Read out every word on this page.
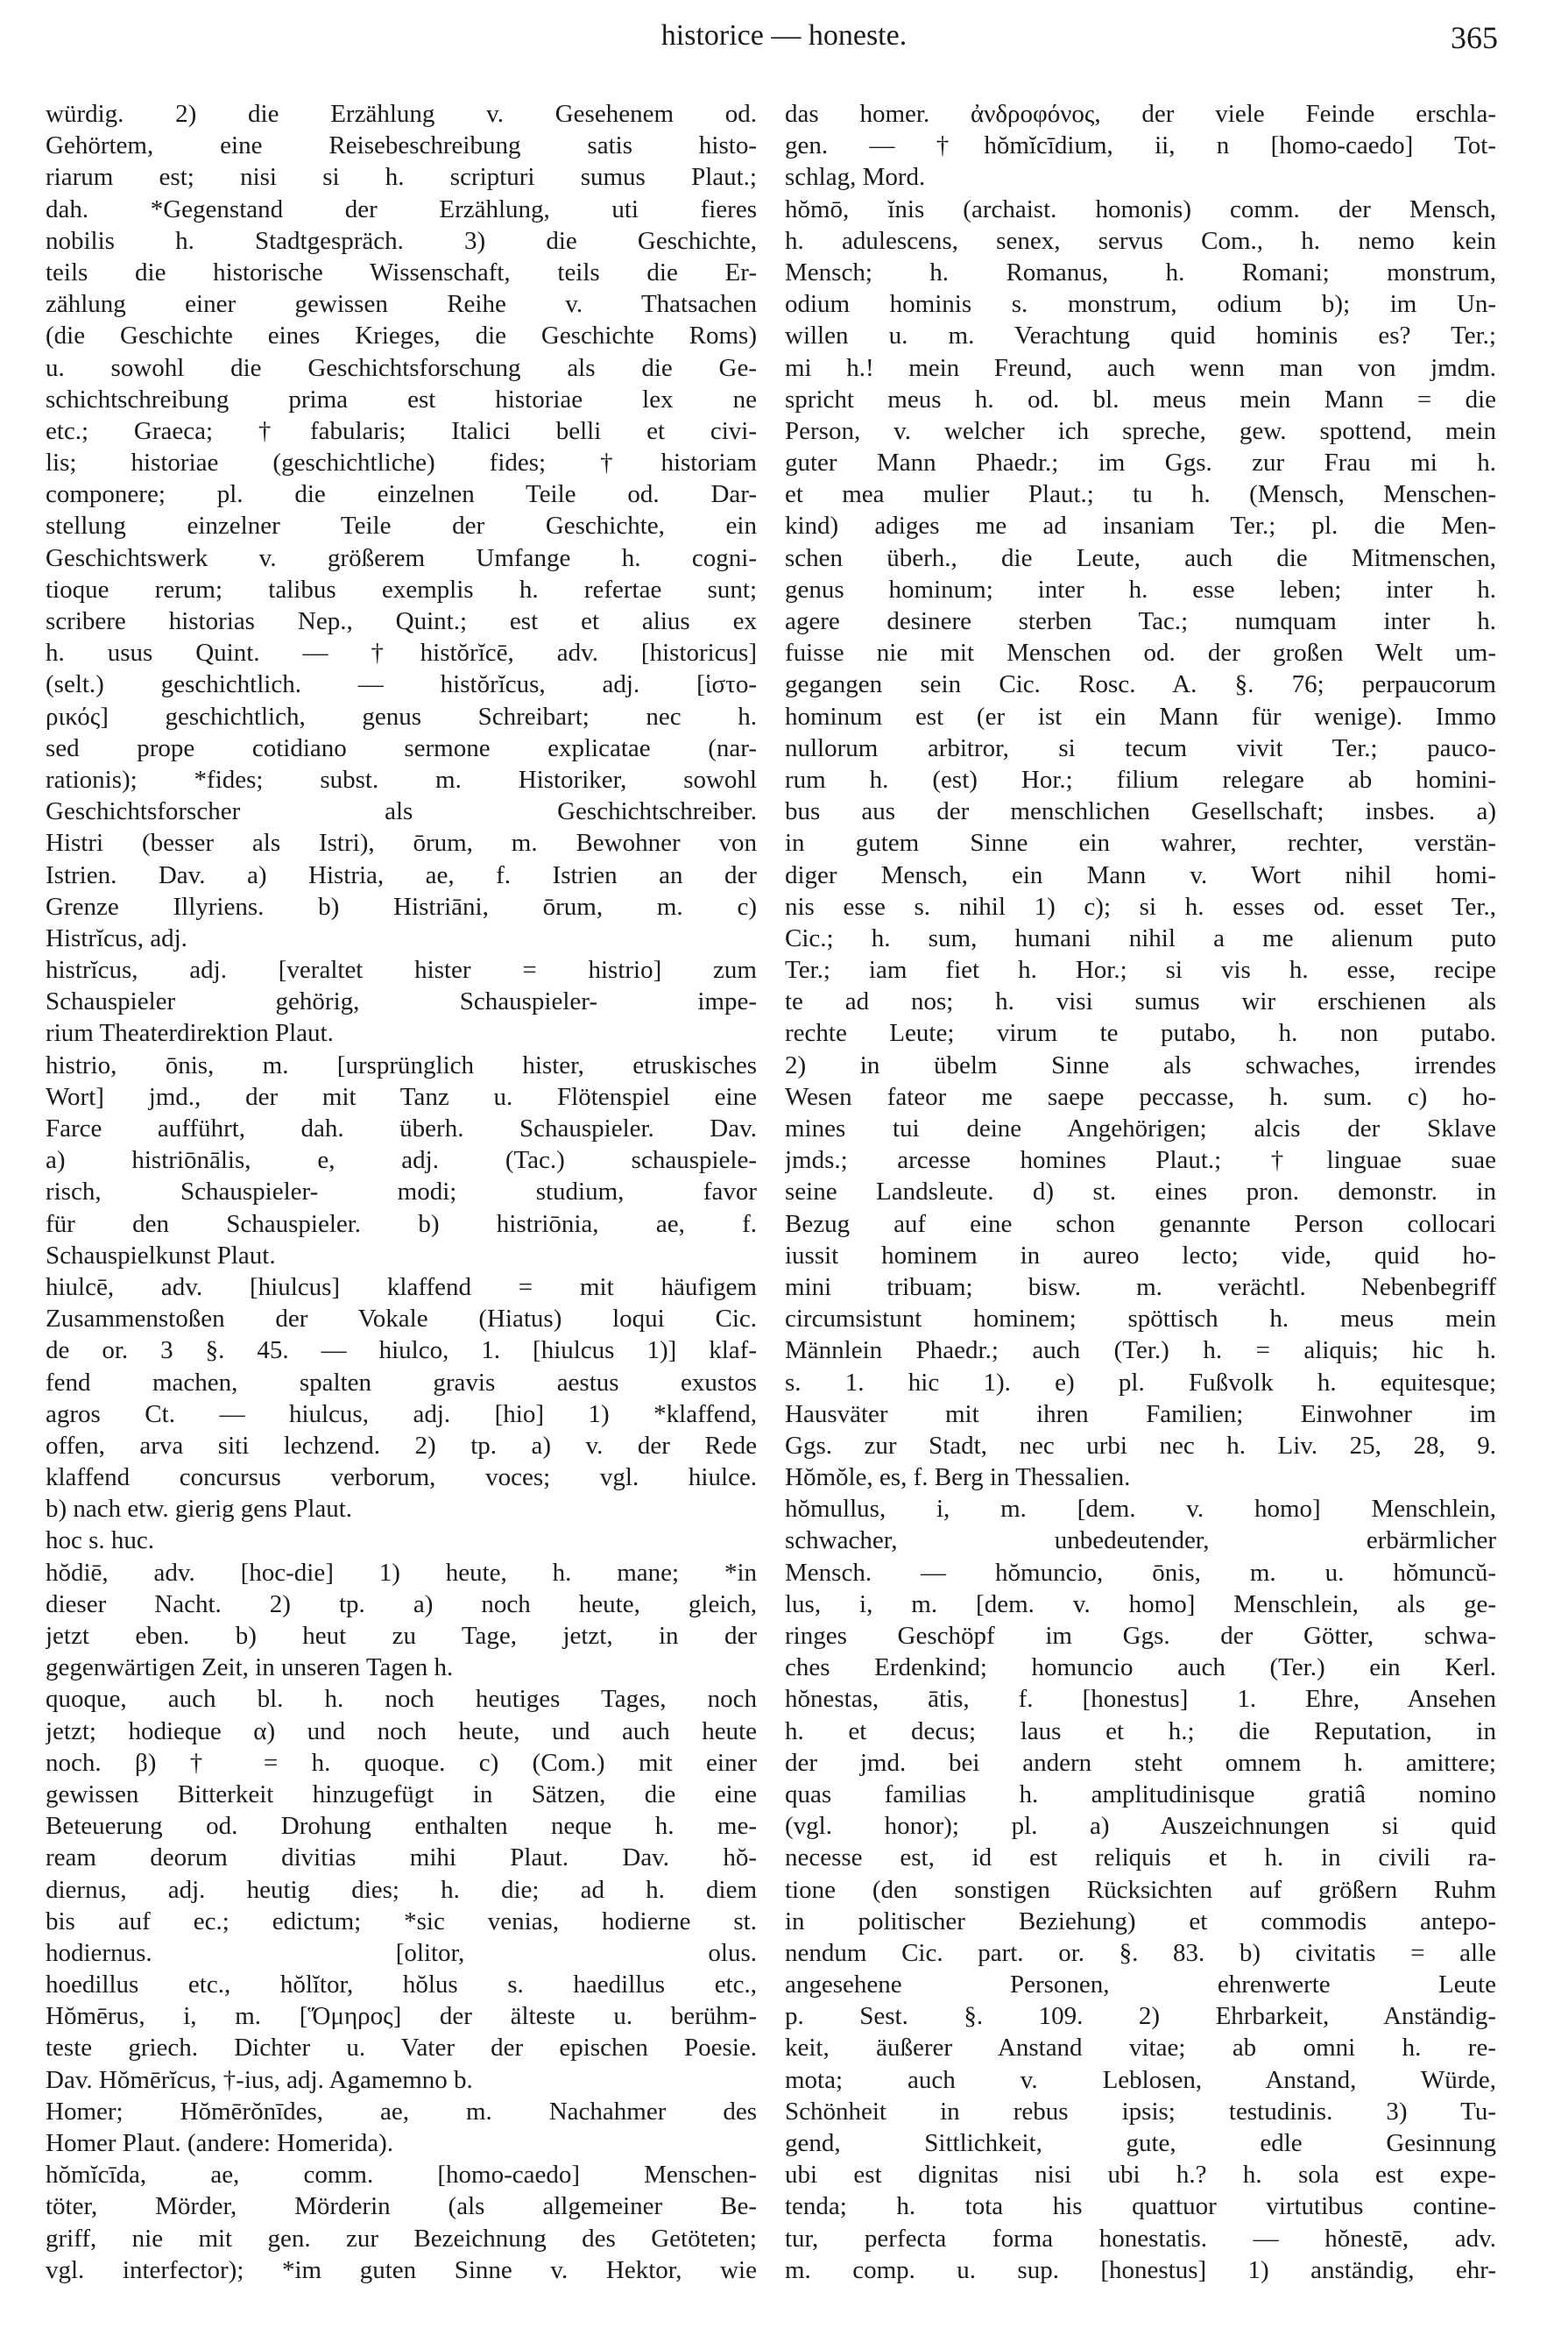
historice — honeste.	365
würdig. 2) die Erzählung v. Gesehenem od.
Gehörtem, eine Reisebeschreibung satis histo-
riarum est; nisi si h. scripturi sumus Plaut.;
dah. *Gegenstand der Erzählung, uti fieres
nobilis h. Stadtgespräch. 3) die Geschichte,
teils die historische Wissenschaft, teils die Er-
zählung einer gewissen Reihe v. Thatsachen
(die Geschichte eines Krieges, die Geschichte Roms)
u. sowohl die Geschichtsforschung als die Ge-
schichtschreibung prima est historiae lex ne
etc.; Graeca; †fabularis; Italici belli et civi-
lis; historiae (geschichtliche) fides; †historiam
componere; pl. die einzelnen Teile od. Dar-
stellung einzelner Teile der Geschichte, ein
Geschichtswerk v. größerem Umfange h. cogni-
tioque rerum; talibus exemplis h. refertae sunt;
scribere historias Nep., Quint.; est et alius ex
h. usus Quint. — †histŏrĭcē, adv. [historicus]
(selt.) geschichtlich. — histŏrĭcus, adj. [ἱστο-
ρικός] geschichtlich, genus Schreibart; nec h.
sed prope cotidiano sermone explicatae (nar-
rationis); *fides; subst. m. Historiker, sowohl
Geschichtsforscher als Geschichtschreiber.
Histri (besser als Istri), ōrum, m. Bewohner von
Istrien. Dav. a) Histria, ae, f. Istrien an der
Grenze Illyriens. b) Histriāni, ōrum, m. c)
Histrĭcus, adj.
histrĭcus, adj. [veraltet hister = histrio] zum
Schauspieler gehörig, Schauspieler- impe-
rium Theaterdirektion Plaut.
histrio, ōnis, m. [ursprünglich hister, etruskisches
Wort] jmd., der mit Tanz u. Flötenspiel eine
Farce aufführt, dah. überh. Schauspieler. Dav.
a) histriōnālis, e, adj. (Tac.) schauspiele-
risch, Schauspieler- modi; studium, favor
für den Schauspieler. b) histriōnia, ae, f.
Schauspielkunst Plaut.
hiulcē, adv. [hiulcus] klaffend = mit häufigem
Zusammenstoßen der Vokale (Hiatus) loqui Cic.
de or. 3 §. 45. — hiulco, 1. [hiulcus 1)] klaf-
fend machen, spalten gravis aestus exustos
agros Ct. — hiulcus, adj. [hio] 1) *klaffend,
offen, arva siti lechzend. 2) tp. a) v. der Rede
klaffend concursus verborum, voces; vgl. hiulce.
b) nach etw. gierig gens Plaut.
hoc s. huc.
hŏdiē, adv. [hoc-die] 1) heute, h. mane; *in
dieser Nacht. 2) tp. a) noch heute, gleich,
jetzt eben. b) heut zu Tage, jetzt, in der
gegenwärtigen Zeit, in unseren Tagen h.
quoque, auch bl. h. noch heutiges Tages, noch
jetzt; hodieque α) und noch heute, und auch heute
noch. β) † = h. quoque. c) (Com.) mit einer
gewissen Bitterkeit hinzugefügt in Sätzen, die eine
Beteuerung od. Drohung enthalten neque h. me-
ream deorum divitias mihi Plaut. Dav. hŏ-
diernus, adj. heutig dies; h. die; ad h. diem
bis auf ec.; edictum; *sic venias, hodierne st.
hodiernus. [olitor, olus.
hoedillus etc., hŏlĭtor, hŏlus s. haedillus etc.,
Hŏmērus, i, m. [Ὅμηρος] der älteste u. berühm-
teste griech. Dichter u. Vater der epischen Poesie.
Dav. Hŏmērĭcus, †-ius, adj. Agamemno b.
Homer; Hŏmērŏnīdes, ae, m. Nachahmer des
Homer Plaut. (andere: Homerida).
hŏmĭcīda, ae, comm. [homo-caedo] Menschen-
töter, Mörder, Mörderin (als allgemeiner Be-
griff, nie mit gen. zur Bezeichnung des Getöteten;
vgl. interfector); *im guten Sinne v. Hektor, wie
das homer. ἀνδροφόνος, der viele Feinde erschla-
gen. — †hŏmĭcīdium, ii, n [homo-caedo] Tot-
schlag, Mord.
hŏmō, ĭnis (archaist. homonis) comm. der Mensch,
h. adulescens, senex, servus Com., h. nemo kein
Mensch; h. Romanus, h. Romani; monstrum,
odium hominis s. monstrum, odium b); im Un-
willen u. m. Verachtung quid hominis es? Ter.;
mi h.! mein Freund, auch wenn man von jmdm.
spricht meus h. od. bl. meus mein Mann = die
Person, v. welcher ich spreche, gew. spottend, mein
guter Mann Phaedr.; im Ggs. zur Frau mi h.
et mea mulier Plaut.; tu h. (Mensch, Menschen-
kind) adiges me ad insaniam Ter.; pl. die Men-
schen überh., die Leute, auch die Mitmenschen,
genus hominum; inter h. esse leben; inter h.
agere desinere sterben Tac.; numquam inter h.
fuisse nie mit Menschen od. der großen Welt um-
gegangen sein Cic. Rosc. A. §. 76; perpaucorum
hominum est (er ist ein Mann für wenige). Immo
nullorum arbitror, si tecum vivit Ter.; pauco-
rum h. (est) Hor.; filium relegare ab homini-
bus aus der menschlichen Gesellschaft; insbes. a)
in gutem Sinne ein wahrer, rechter, verstän-
diger Mensch, ein Mann v. Wort nihil homi-
nis esse s. nihil 1) c); si h. esses od. esset Ter.,
Cic.; h. sum, humani nihil a me alienum puto
Ter.; iam fiet h. Hor.; si vis h. esse, recipe
te ad nos; h. visi sumus wir erschienen als
rechte Leute; virum te putabo, h. non putabo.
2) in übelm Sinne als schwaches, irrendes
Wesen fateor me saepe peccasse, h. sum. c) ho-
mines tui deine Angehörigen; alcis der Sklave
jmds.; arcesse homines Plaut.; †linguae suae
seine Landsleute. d) st. eines pron. demonstr. in
Bezug auf eine schon genannte Person collocari
iussit hominem in aureo lecto; vide, quid ho-
mini tribuam; bisw. m. verächtl. Nebenbegriff
circumsistunt hominem; spöttisch h. meus mein
Männlein Phaedr.; auch (Ter.) h. = aliquis; hic h.
s. 1. hic 1). e) pl. Fußvolk h. equitesque;
Hausväter mit ihren Familien; Einwohner im
Ggs. zur Stadt, nec urbi nec h. Liv. 25, 28, 9.
Hŏmŏle, es, f. Berg in Thessalien.
hŏmullus, i, m. [dem. v. homo] Menschlein,
schwacher, unbedeutender, erbärmlicher
Mensch. — hŏmuncio, ōnis, m. u. hŏmuncŭ-
lus, i, m. [dem. v. homo] Menschlein, als ge-
ringes Geschöpf im Ggs. der Götter, schwa-
ches Erdenkind; homuncio auch (Ter.) ein Kerl.
hŏnestas, ātis, f. [honestus] 1. Ehre, Ansehen
h. et decus; laus et h.; die Reputation, in
der jmd. bei andern steht omnem h. amittere;
quas familias h. amplitudinisque gratiâ nomino
(vgl. honor); pl. a) Auszeichnungen si quid
necesse est, id est reliquis et h. in civili ra-
tione (den sonstigen Rücksichten auf größern Ruhm
in politischer Beziehung) et commodis antepo-
nendum Cic. part. or. §. 83. b) civitatis = alle
angesehene Personen, ehrenwerte Leute
p. Sest. §. 109. 2) Ehrbarkeit, Anständig-
keit, äußerer Anstand vitae; ab omni h. re-
mota; auch v. Leblosen, Anstand, Würde,
Schönheit in rebus ipsis; testudinis. 3) Tu-
gend, Sittlichkeit, gute, edle Gesinnung
ubi est dignitas nisi ubi h.? h. sola est expe-
tenda; h. tota his quattuor virtutibus contine-
tur, perfecta forma honestatis. — hŏnestē, adv.
m. comp. u. sup. [honestus] 1) anständig, ehr-
